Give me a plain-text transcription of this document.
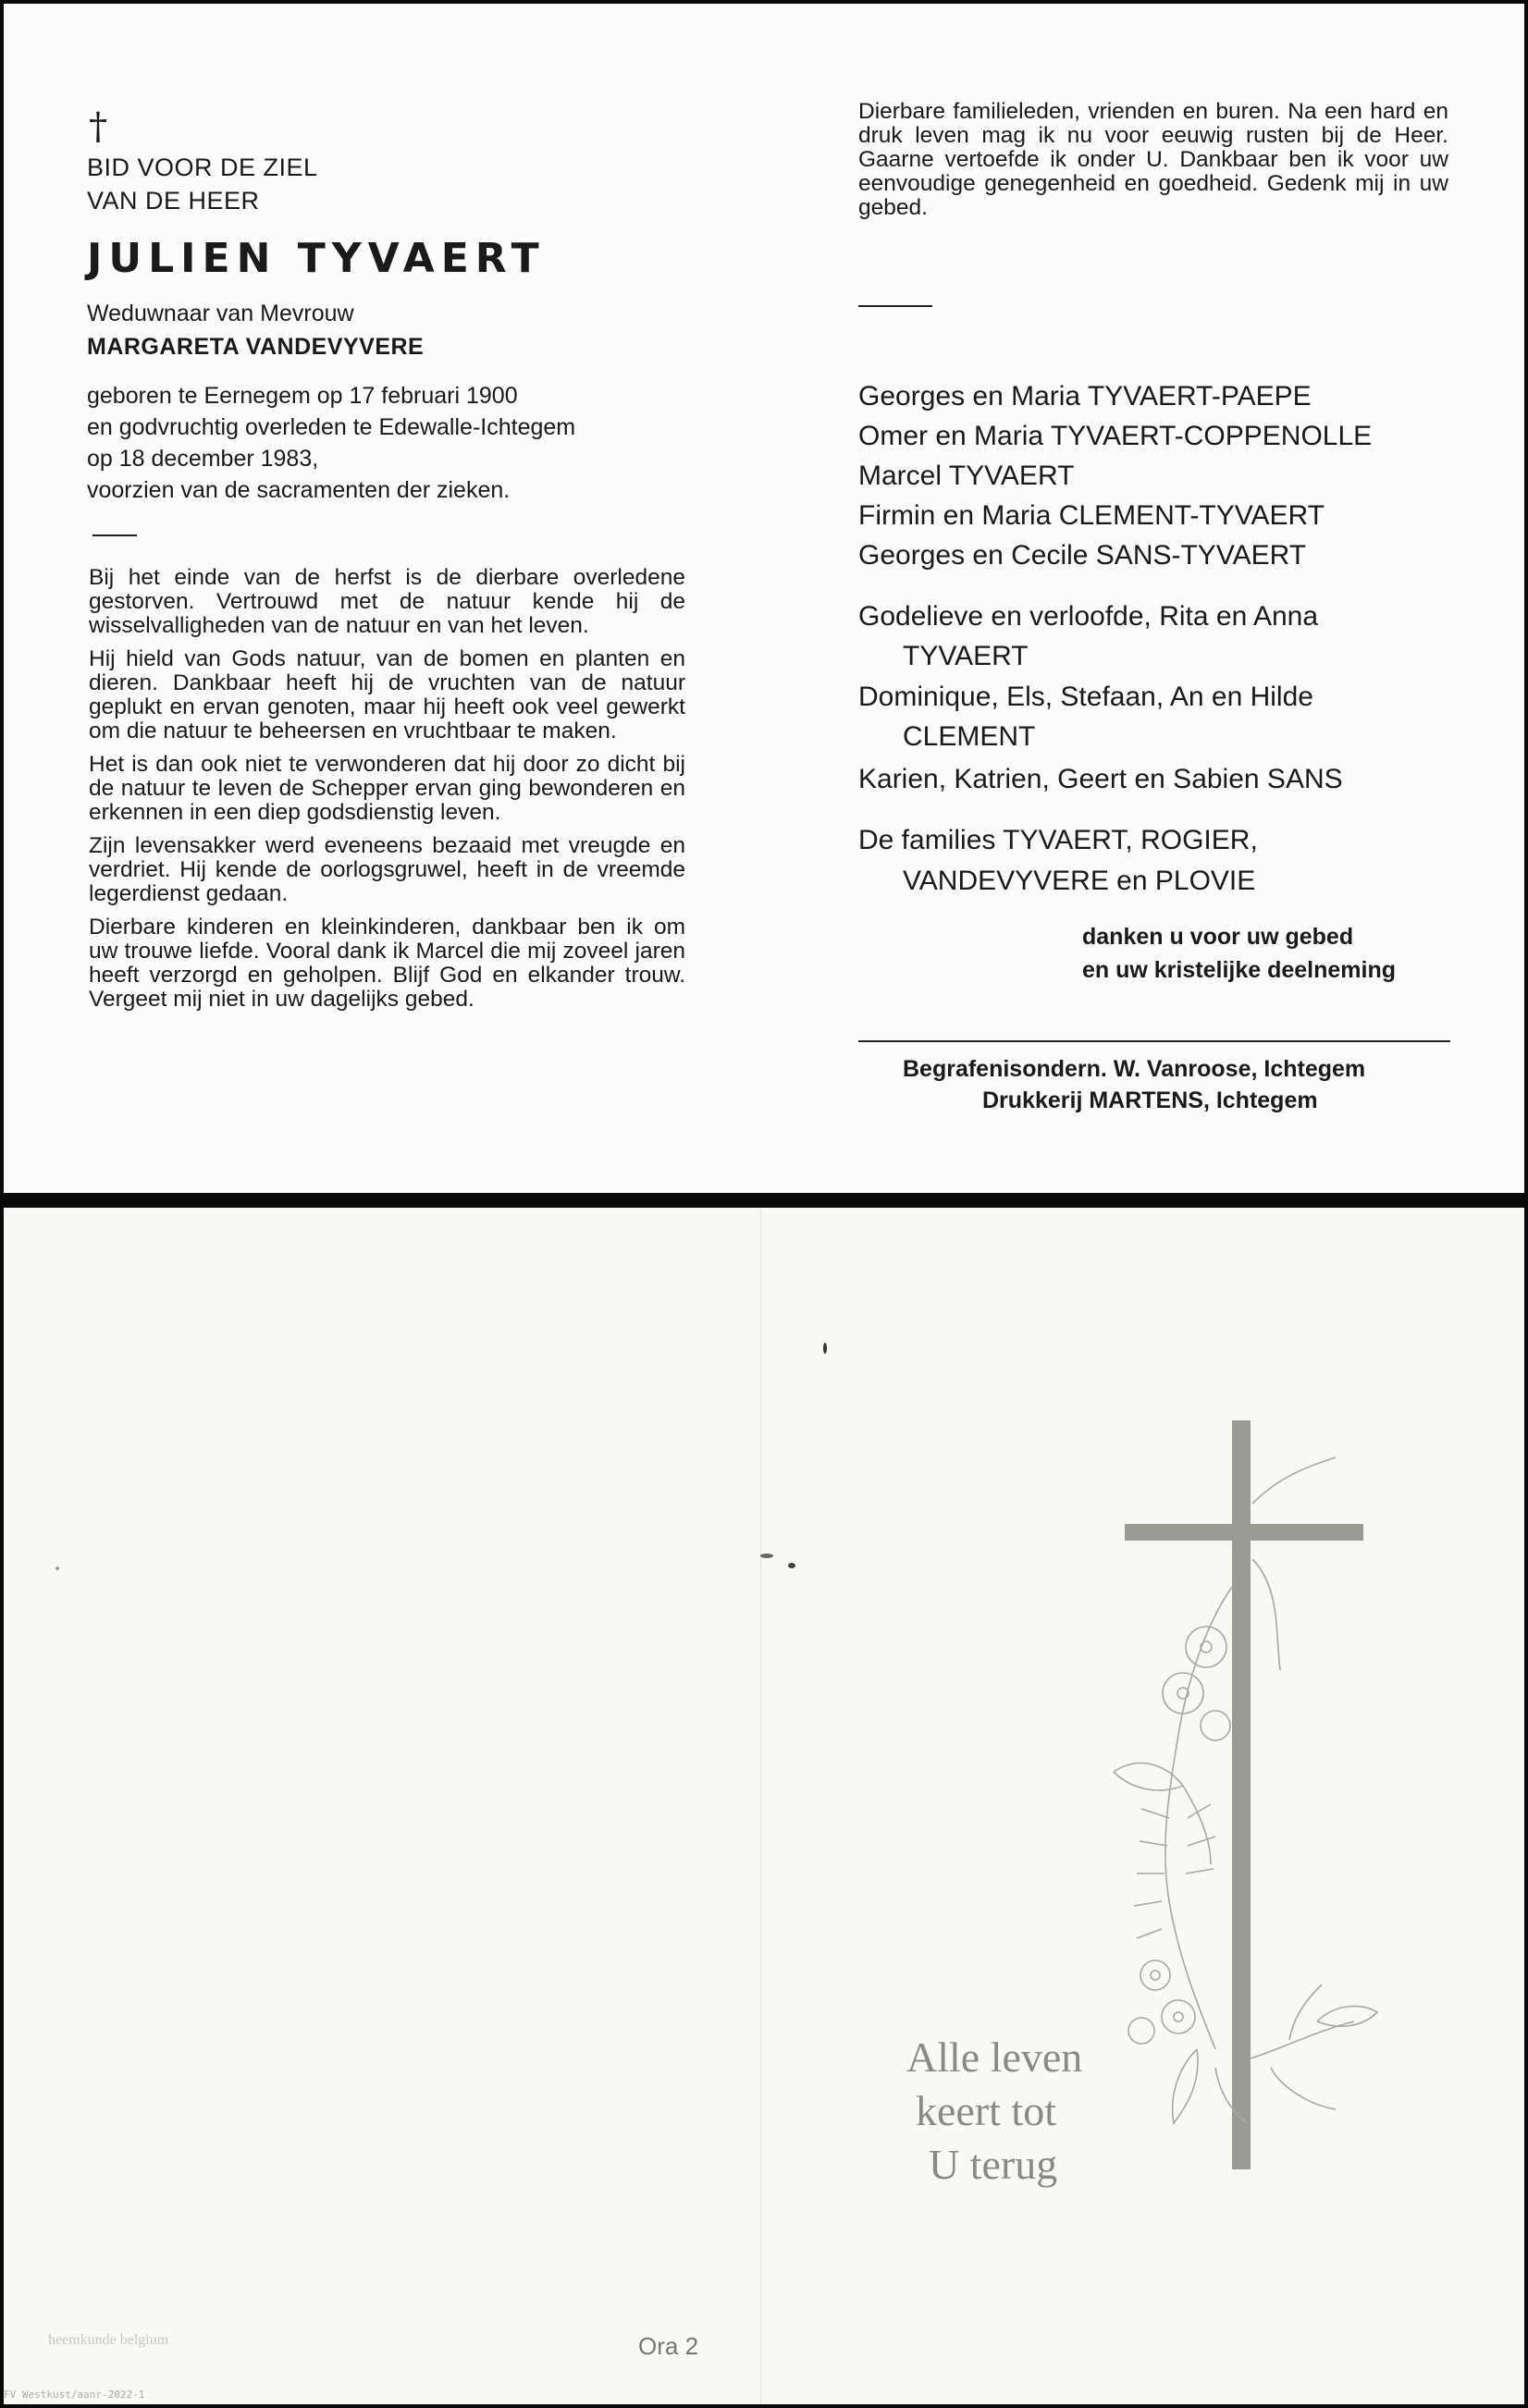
†
BID VOOR DE ZIEL
VAN DE HEER
JULIEN TYVAERT
Weduwnaar van Mevrouw
MARGARETA VANDEVYVERE
geboren te Eernegem op 17 februari 1900
en godvruchtig overleden te Edewalle-Ichtegem
op 18 december 1983,
voorzien van de sacramenten der zieken.

Bij het einde van de herfst is de dierbare overledene gestorven. Vertrouwd met de natuur kende hij de wisselvalligheden van de natuur en van het leven.

Hij hield van Gods natuur, van de bomen en planten en dieren. Dankbaar heeft hij de vruchten van de natuur geplukt en ervan genoten, maar hij heeft ook veel gewerkt om die natuur te beheersen en vruchtbaar te maken.

Het is dan ook niet te verwonderen dat hij door zo dicht bij de natuur te leven de Schepper ervan ging bewonderen en erkennen in een diep godsdienstig leven.

Zijn levensakker werd eveneens bezaaid met vreugde en verdriet. Hij kende de oorlogsgruwel, heeft in de vreemde legerdienst gedaan.

Dierbare kinderen en kleinkinderen, dankbaar ben ik om uw trouwe liefde. Vooral dank ik Marcel die mij zoveel jaren heeft verzorgd en geholpen. Blijf God en elkander trouw. Vergeet mij niet in uw dagelijks gebed.

Dierbare familieleden, vrienden en buren. Na een hard en druk leven mag ik nu voor eeuwig rusten bij de Heer. Gaarne vertoefde ik onder U. Dankbaar ben ik voor uw eenvoudige genegenheid en goedheid. Gedenk mij in uw gebed.
Georges en Maria TYVAERT-PAEPE
Omer en Maria TYVAERT-COPPENOLLE
Marcel TYVAERT
Firmin en Maria CLEMENT-TYVAERT
Georges en Cecile SANS-TYVAERT
Godelieve en verloofde, Rita en Anna
TYVAERT
Dominique, Els, Stefaan, An en Hilde
CLEMENT
Karien, Katrien, Geert en Sabien SANS
De families TYVAERT, ROGIER,
VANDEVYVERE en PLOVIE
danken u voor uw gebed
en uw kristelijke deelneming
Begrafenisondern. W. Vanroose, Ichtegem
Drukkerij MARTENS, Ichtegem
Alle leven
keert tot
U terug
Ora 2
heemkunde belgium
FV Westkust/aanr-2022-1
